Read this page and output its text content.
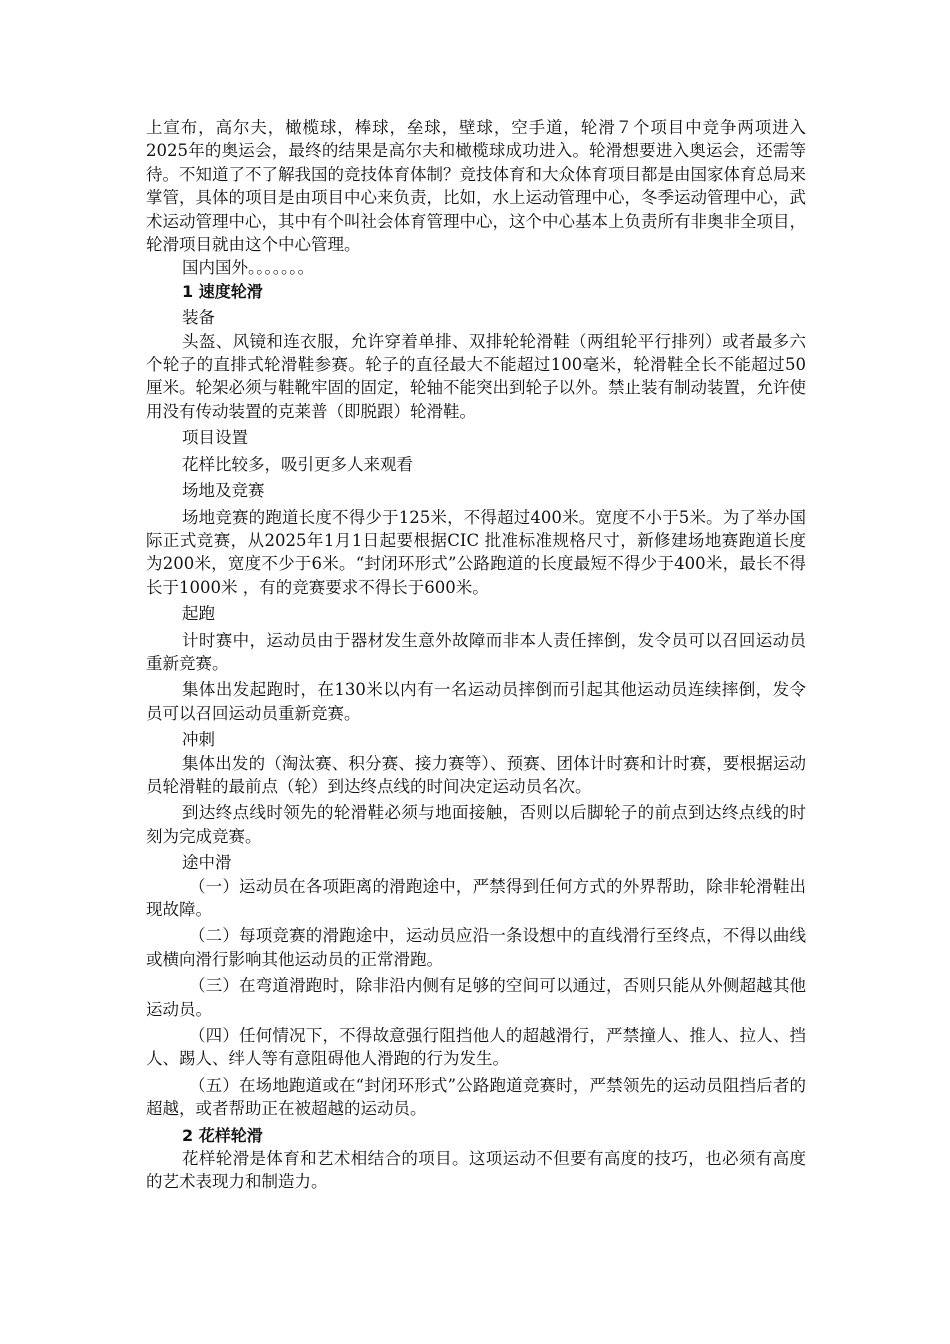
上宣布，高尔夫，橄榄球，棒球，垒球，壁球，空手道，轮滑７个项目中竞争两项进入2025年的奥运会，最终的结果是高尔夫和橄榄球成功进入。轮滑想要进入奥运会，还需等待。不知道了不了解我国的竞技体育体制？竞技体育和大众体育项目都是由国家体育总局来掌管，具体的项目是由项目中心来负责，比如，水上运动管理中心，冬季运动管理中心，武术运动管理中心，其中有个叫社会体育管理中心，这个中心基本上负责所有非奥非全项目，轮滑项目就由这个中心管理。

国内国外。。。。。。。

1 速度轮滑

装备

头盔、风镜和连衣服，允许穿着单排、双排轮轮滑鞋（两组轮平行排列）或者最多六个轮子的直排式轮滑鞋参赛。轮子的直径最大不能超过100毫米，轮滑鞋全长不能超过50厘米。轮架必须与鞋靴牢固的固定，轮轴不能突出到轮子以外。禁止装有制动装置，允许使用没有传动装置的克莱普（即脱跟）轮滑鞋。

项目设置

花样比较多，吸引更多人来观看

场地及竞赛

场地竞赛的跑道长度不得少于125米，不得超过400米。宽度不小于5米。为了举办国际正式竞赛，从2025年1月1日起要根据CIC 批准标准规格尺寸，新修建场地赛跑道长度为200米，宽度不少于6米。“封闭环形式”公路跑道的长度最短不得少于400米，最长不得长于1000米 ，有的竞赛要求不得长于600米。

起跑

计时赛中，运动员由于器材发生意外故障而非本人责任摔倒，发令员可以召回运动员重新竞赛。

集体出发起跑时，在130米以内有一名运动员摔倒而引起其他运动员连续摔倒，发令员可以召回运动员重新竞赛。

冲刺

集体出发的（淘汰赛、积分赛、接力赛等）、预赛、团体计时赛和计时赛，要根据运动员轮滑鞋的最前点（轮）到达终点线的时间决定运动员名次。

到达终点线时领先的轮滑鞋必须与地面接触，否则以后脚轮子的前点到达终点线的时刻为完成竞赛。

途中滑

（一）运动员在各项距离的滑跑途中，严禁得到任何方式的外界帮助，除非轮滑鞋出现故障。

（二）每项竞赛的滑跑途中，运动员应沿一条设想中的直线滑行至终点，不得以曲线或横向滑行影响其他运动员的正常滑跑。

（三）在弯道滑跑时，除非沿内侧有足够的空间可以通过，否则只能从外侧超越其他运动员。

（四）任何情况下，不得故意强行阻挡他人的超越滑行，严禁撞人、推人、拉人、挡人、踢人、绊人等有意阻碍他人滑跑的行为发生。

（五）在场地跑道或在“封闭环形式”公路跑道竞赛时，严禁领先的运动员阻挡后者的超越，或者帮助正在被超越的运动员。

2 花样轮滑

花样轮滑是体育和艺术相结合的项目。这项运动不但要有高度的技巧，也必须有高度的艺术表现力和制造力。
